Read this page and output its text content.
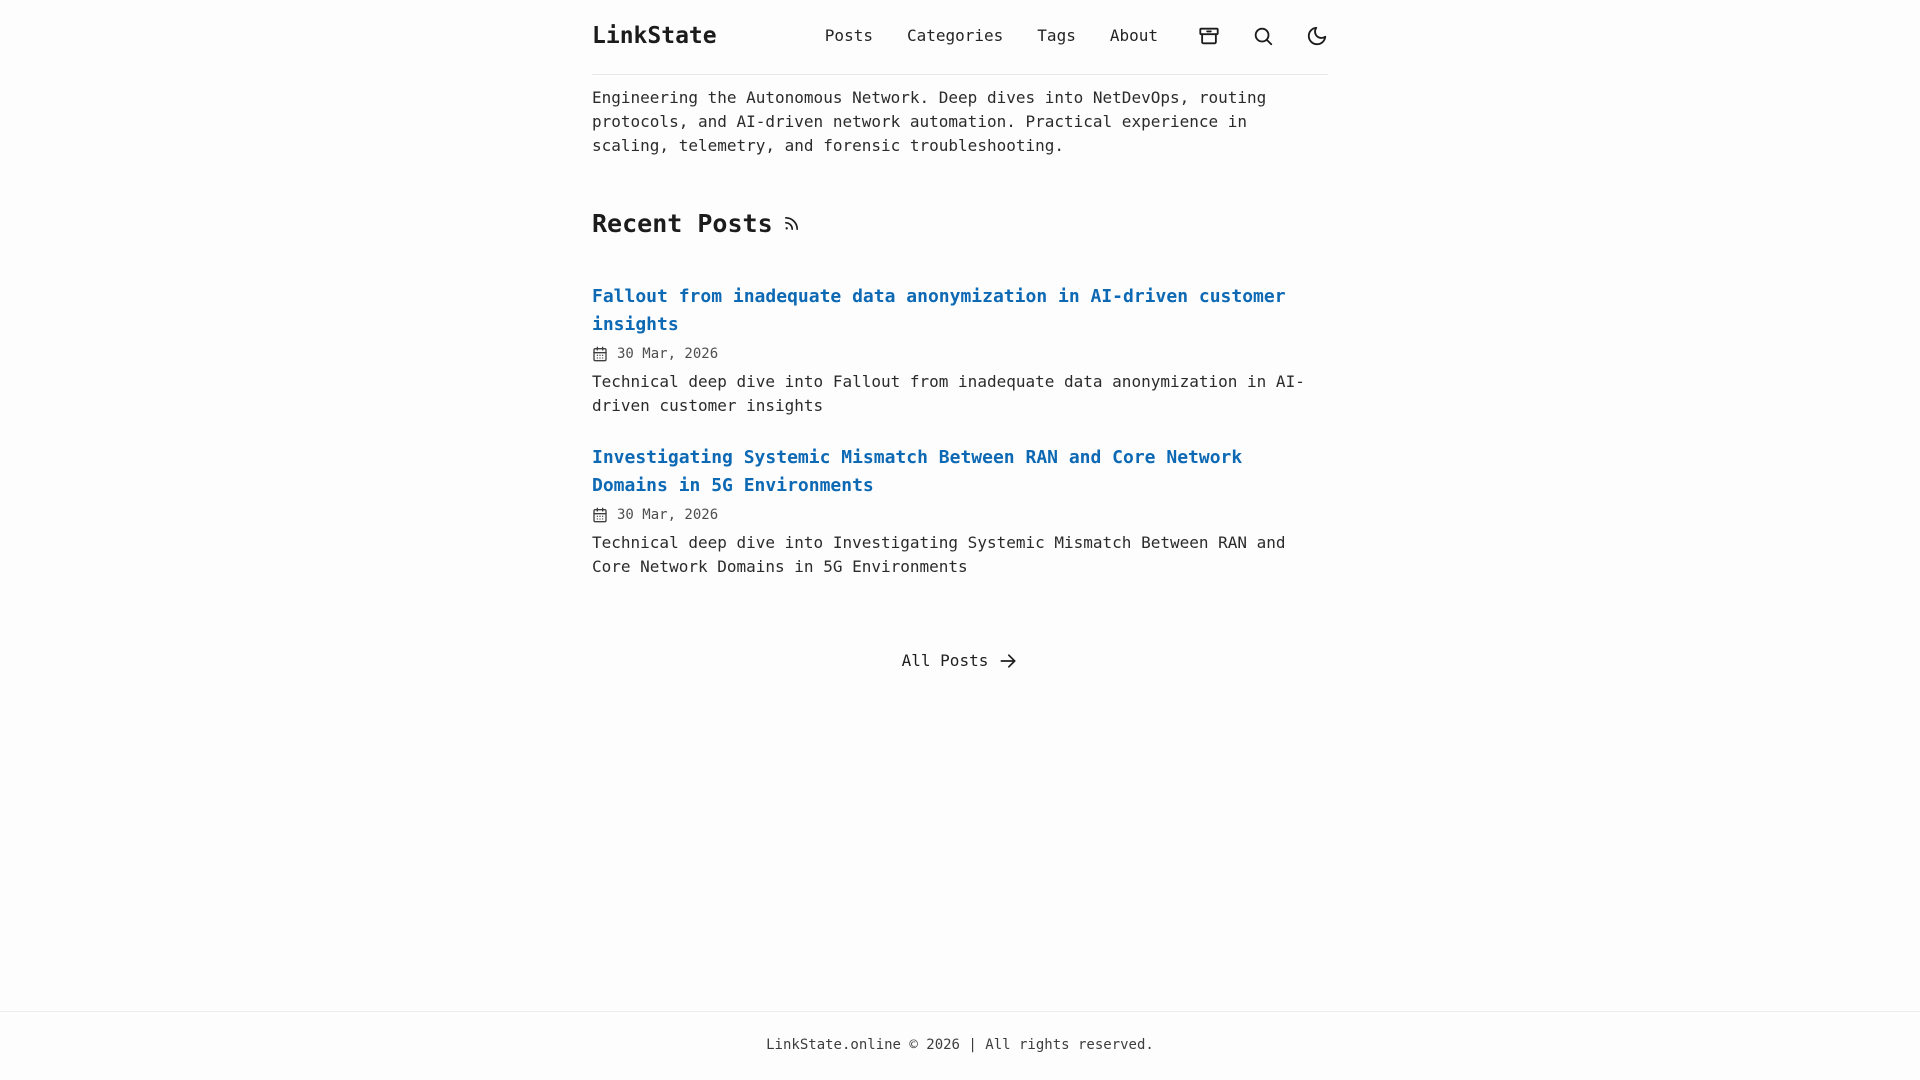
LinkState	Posts Categories Tags About

Engineering the Autonomous Network. Deep dives into NetDevOps, routing protocols, and AI-driven network automation. Practical experience in scaling, telemetry, and forensic troubleshooting.

Recent Posts
Fallout from inadequate data anonymization in AI-driven customer insights
30 Mar, 2026

Technical deep dive into Fallout from inadequate data anonymization in AI-driven customer insights

Investigating Systemic Mismatch Between RAN and Core Network Domains in 5G Environments
30 Mar, 2026

Technical deep dive into Investigating Systemic Mismatch Between RAN and Core Network Domains in 5G Environments

All Posts
LinkState.online © 2026 | All rights reserved.
